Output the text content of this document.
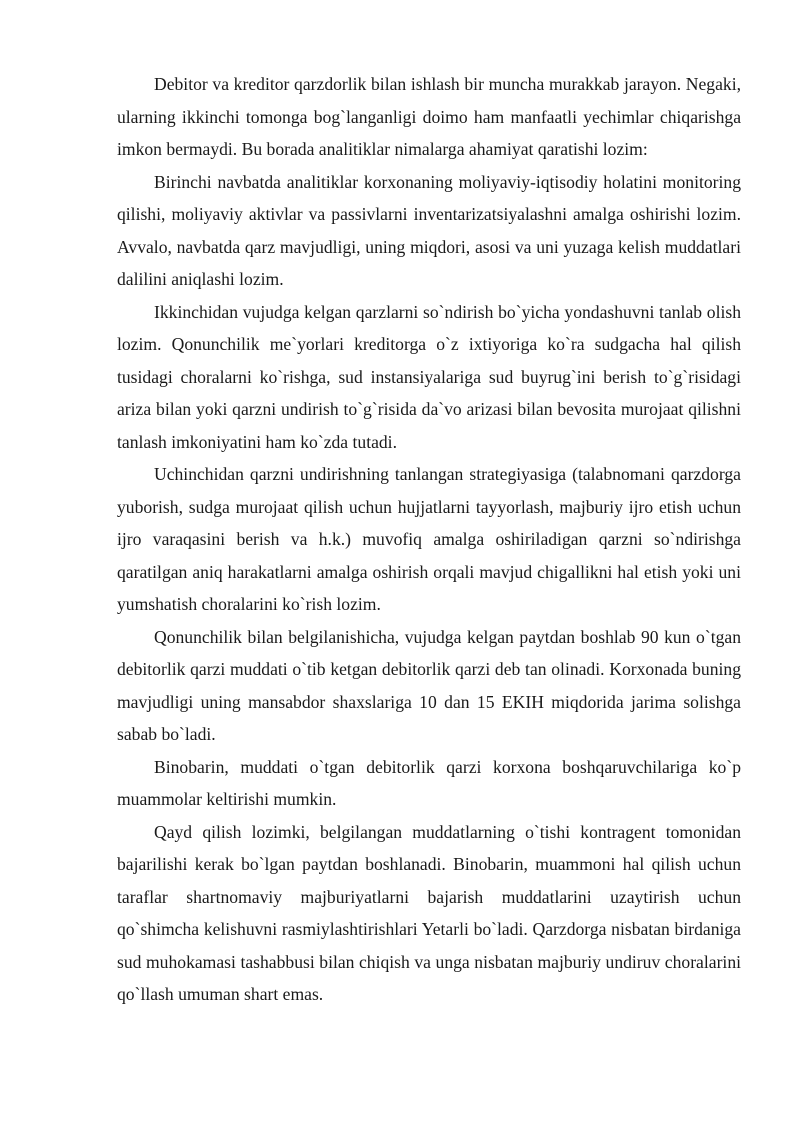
Debitor va kreditor qarzdorlik bilan ishlash bir muncha murakkab jarayon. Negaki, ularning ikkinchi tomonga bog`langanligi doimo ham manfaatli yechimlar chiqarishga imkon bermaydi. Bu borada analitiklar nimalarga ahamiyat qaratishi lozim:

Birinchi navbatda analitiklar korxonaning moliyaviy-iqtisodiy holatini monitoring qilishi, moliyaviy aktivlar va passivlarni inventarizatsiyalashni amalga oshirishi lozim. Avvalo, navbatda qarz mavjudligi, uning miqdori, asosi va uni yuzaga kelish muddatlari dalilini aniqlashi lozim.

Ikkinchidan vujudga kelgan qarzlarni so`ndirish bo`yicha yondashuvni tanlab olish lozim. Qonunchilik me`yorlari kreditorga o`z ixtiyoriga ko`ra sudgacha hal qilish tusidagi choralarni ko`rishga, sud instansiyalariga sud buyrug`ini berish to`g`risidagi ariza bilan yoki qarzni undirish to`g`risida da`vo arizasi bilan bevosita murojaat qilishni tanlash imkoniyatini ham ko`zda tutadi.

Uchinchidan qarzni undirishning tanlangan strategiyasiga (talabnomani qarzdorga yuborish, sudga murojaat qilish uchun hujjatlarni tayyorlash, majburiy ijro etish uchun ijro varaqasini berish va h.k.) muvofiq amalga oshiriladigan qarzni so`ndirishga qaratilgan aniq harakatlarni amalga oshirish orqali mavjud chigallikni hal etish yoki uni yumshatish choralarini ko`rish lozim.

Qonunchilik bilan belgilanishicha, vujudga kelgan paytdan boshlab 90 kun o`tgan debitorlik qarzi muddati o`tib ketgan debitorlik qarzi deb tan olinadi. Korxonada buning mavjudligi uning mansabdor shaxslariga 10 dan 15 EKIH miqdorida jarima solishga sabab bo`ladi.

Binobarin, muddati o`tgan debitorlik qarzi korxona boshqaruvchilariga ko`p muammolar keltirishi mumkin.

Qayd qilish lozimki, belgilangan muddatlarning o`tishi kontragent tomonidan bajarilishi kerak bo`lgan paytdan boshlanadi. Binobarin, muammoni hal qilish uchun taraflar shartnomaviy majburiyatlarni bajarish muddatlarini uzaytirish uchun qo`shimcha kelishuvni rasmiylashtirishlari Yetarli bo`ladi. Qarzdorga nisbatan birdaniga sud muhokamasi tashabbusi bilan chiqish va unga nisbatan majburiy undiruv choralarini qo`llash umuman shart emas.
